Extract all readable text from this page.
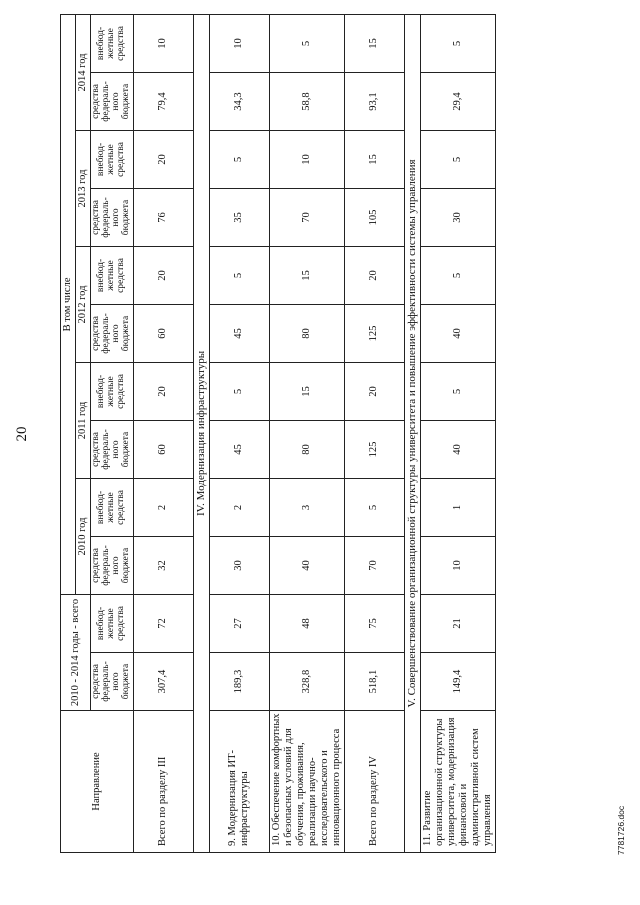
20
Направление	2010 - 2014 годы - всего		В том числе									
			2010 год		2011 год		2012 год		2013 год		2014 год	
	средства федераль-ного бюджета	внебюд-жетные средства	средства федераль-ного бюджета	внебюд-жетные средства	средства федераль-ного бюджета	внебюд-жетные средства	средства федераль-ного бюджета	внебюд-жетные средства	средства федераль-ного бюджета	внебюд-жетные средства	средства федераль-ного бюджета	внебюд-жетные средства
Всего по разделу III	307,4	72	32	2	60	20	60	20	76	20	79,4	10
IV. Модернизация инфраструктуры												
9. Модернизация ИТ-инфраструктуры	189,3	27	30	2	45	5	45	5	35	5	34,3	10
10. Обеспечение комфортных и безопасных условий для обучения, проживания, реализации научно-исследовательского и инновационного процесса	328,8	48	40	3	80	15	80	15	70	10	58,8	5
Всего по разделу IV	518,1	75	70	5	125	20	125	20	105	15	93,1	15
V. Совершенствование организационной структуры университета и повышение эффективности системы управления												
11. Развитие организационной структуры университета, модернизация финансовой и административной систем управления	149,4	21	10	1	40	5	40	5	30	5	29,4	5
7781726.doc
